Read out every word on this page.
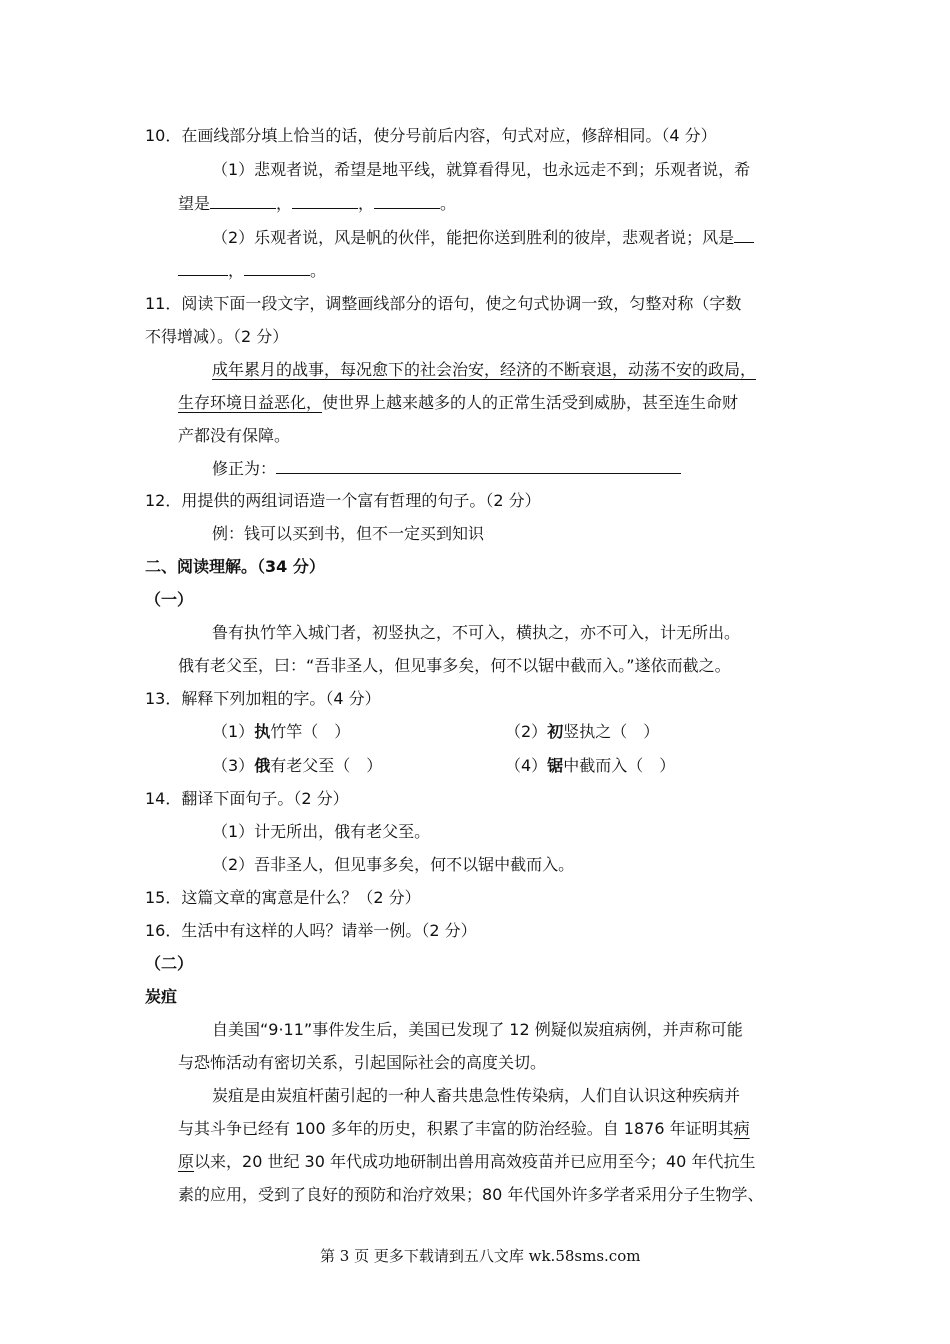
10．在画线部分填上恰当的话，使分号前后内容，句式对应，修辞相同。（4 分）
（1）悲观者说，希望是地平线，就算看得见，也永远走不到；乐观者说，希
望是	，	，	。
（2）乐观者说，风是帆的伙伴，能把你送到胜利的彼岸，悲观者说；风是
，	。
11．阅读下面一段文字，调整画线部分的语句，使之句式协调一致，匀整对称（字数
不得增减）。（2 分）
成年累月的战事，每况愈下的社会治安，经济的不断衰退，动荡不安的政局，
生存环境日益恶化，使世界上越来越多的人的正常生活受到威胁，甚至连生命财
产都没有保障。
修正为：
12．用提供的两组词语造一个富有哲理的句子。（2 分）
例：钱可以买到书，但不一定买到知识
二、阅读理解。（34 分）
（一）
鲁有执竹竿入城门者，初竖执之，不可入，横执之，亦不可入，计无所出。
俄有老父至，曰：“吾非圣人，但见事多矣，何不以锯中截而入。”遂依而截之。
13．解释下列加粗的字。（4 分）
（1）执竹竿（　）	（2）初竖执之（　）
（3）俄有老父至（　）	（4）锯中截而入（　）
14．翻译下面句子。（2 分）
（1）计无所出，俄有老父至。
（2）吾非圣人，但见事多矣，何不以锯中截而入。
15．这篇文章的寓意是什么？（2 分）
16．生活中有这样的人吗？请举一例。（2 分）
（二）
炭疽
自美国“9·11”事件发生后，美国已发现了 12 例疑似炭疽病例，并声称可能
与恐怖活动有密切关系，引起国际社会的高度关切。
炭疽是由炭疽杆菌引起的一种人畜共患急性传染病，人们自认识这种疾病并
与其斗争已经有 100 多年的历史，积累了丰富的防治经验。自 1876 年证明其病
原以来，20 世纪 30 年代成功地研制出兽用高效疫苗并已应用至今；40 年代抗生
素的应用，受到了良好的预防和治疗效果；80 年代国外许多学者采用分子生物学、
第 3 页 更多下载请到五八文库 wk.58sms.com
